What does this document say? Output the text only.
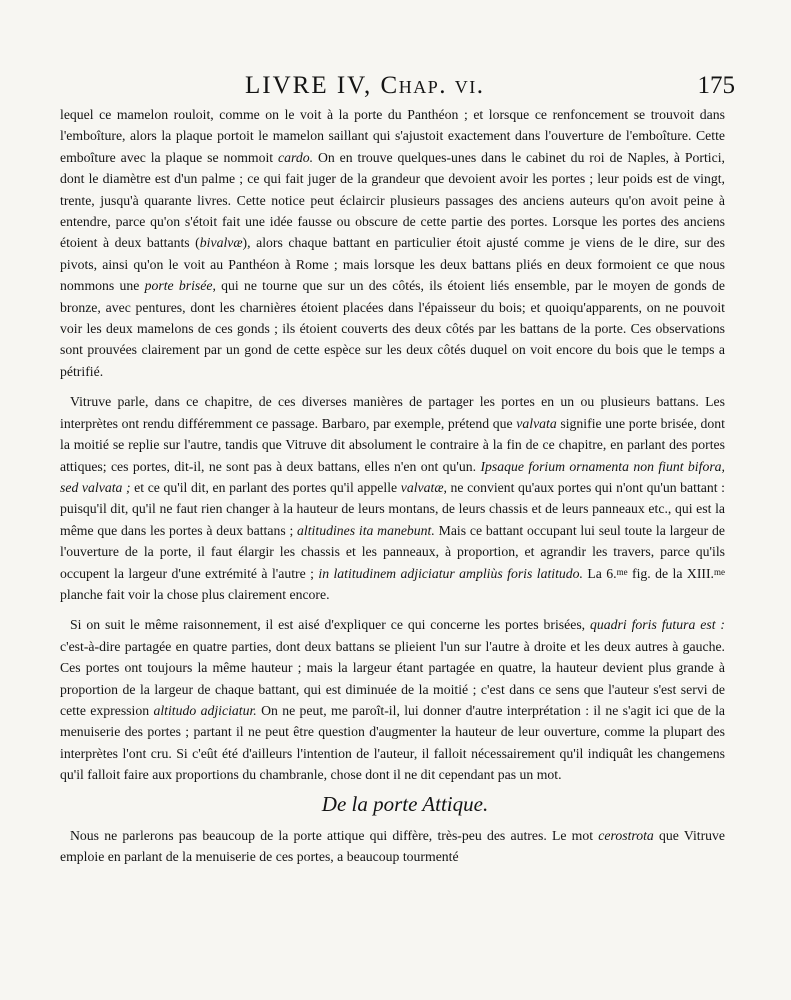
LIVRE IV, Chap. vi.	175

lequel ce mamelon rouloit, comme on le voit à la porte du Panthéon ; et lorsque ce renfoncement se trouvoit dans l'emboîture, alors la plaque portoit le mamelon saillant qui s'ajustoit exactement dans l'ouverture de l'emboîture. Cette emboîture avec la plaque se nommoit cardo. On en trouve quelques-unes dans le cabinet du roi de Naples, à Portici, dont le diamètre est d'un palme ; ce qui fait juger de la grandeur que devoient avoir les portes ; leur poids est de vingt, trente, jusqu'à quarante livres. Cette notice peut éclaircir plusieurs passages des anciens auteurs qu'on avoit peine à entendre, parce qu'on s'étoit fait une idée fausse ou obscure de cette partie des portes. Lorsque les portes des anciens étoient à deux battants (bivalvæ), alors chaque battant en particulier étoit ajusté comme je viens de le dire, sur des pivots, ainsi qu'on le voit au Panthéon à Rome ; mais lorsque les deux battans pliés en deux formoient ce que nous nommons une porte brisée, qui ne tourne que sur un des côtés, ils étoient liés ensemble, par le moyen de gonds de bronze, avec pentures, dont les charnières étoient placées dans l'épaisseur du bois; et quoiqu'apparents, on ne pouvoit voir les deux mamelons de ces gonds ; ils étoient couverts des deux côtés par les battans de la porte. Ces observations sont prouvées clairement par un gond de cette espèce sur les deux côtés duquel on voit encore du bois que le temps a pétrifié.

Vitruve parle, dans ce chapitre, de ces diverses manières de partager les portes en un ou plusieurs battans. Les interprètes ont rendu différemment ce passage. Barbaro, par exemple, prétend que valvata signifie une porte brisée, dont la moitié se replie sur l'autre, tandis que Vitruve dit absolument le contraire à la fin de ce chapitre, en parlant des portes attiques; ces portes, dit-il, ne sont pas à deux battans, elles n'en ont qu'un. Ipsaque forium ornamenta non fiunt bifora, sed valvata ; et ce qu'il dit, en parlant des portes qu'il appelle valvatæ, ne convient qu'aux portes qui n'ont qu'un battant : puisqu'il dit, qu'il ne faut rien changer à la hauteur de leurs montans, de leurs chassis et de leurs panneaux etc., qui est la même que dans les portes à deux battans ; altitudines ita manebunt. Mais ce battant occupant lui seul toute la largeur de l'ouverture de la porte, il faut élargir les chassis et les panneaux, à proportion, et agrandir les travers, parce qu'ils occupent la largeur d'une extrémité à l'autre ; in latitudinem adjiciatur ampliùs foris latitudo. La 6.$^{me}$ fig. de la XIII.$^{me}$ planche fait voir la chose plus clairement encore.

Si on suit le même raisonnement, il est aisé d'expliquer ce qui concerne les portes brisées, quadri foris futura est : c'est-à-dire partagée en quatre parties, dont deux battans se plieient l'un sur l'autre à droite et les deux autres à gauche. Ces portes ont toujours la même hauteur ; mais la largeur étant partagée en quatre, la hauteur devient plus grande à proportion de la largeur de chaque battant, qui est diminuée de la moitié ; c'est dans ce sens que l'auteur s'est servi de cette expression altitudo adjiciatur. On ne peut, me paroît-il, lui donner d'autre interprétation : il ne s'agit ici que de la menuiserie des portes ; partant il ne peut être question d'augmenter la hauteur de leur ouverture, comme la plupart des interprètes l'ont cru. Si c'eût été d'ailleurs l'intention de l'auteur, il falloit nécessairement qu'il indiquât les changemens qu'il falloit faire aux proportions du chambranle, chose dont il ne dit cependant pas un mot.

De la porte Attique.

Nous ne parlerons pas beaucoup de la porte attique qui diffère, très-peu des autres. Le mot cerostrota que Vitruve emploie en parlant de la menuiserie de ces portes, a beaucoup tourmenté
